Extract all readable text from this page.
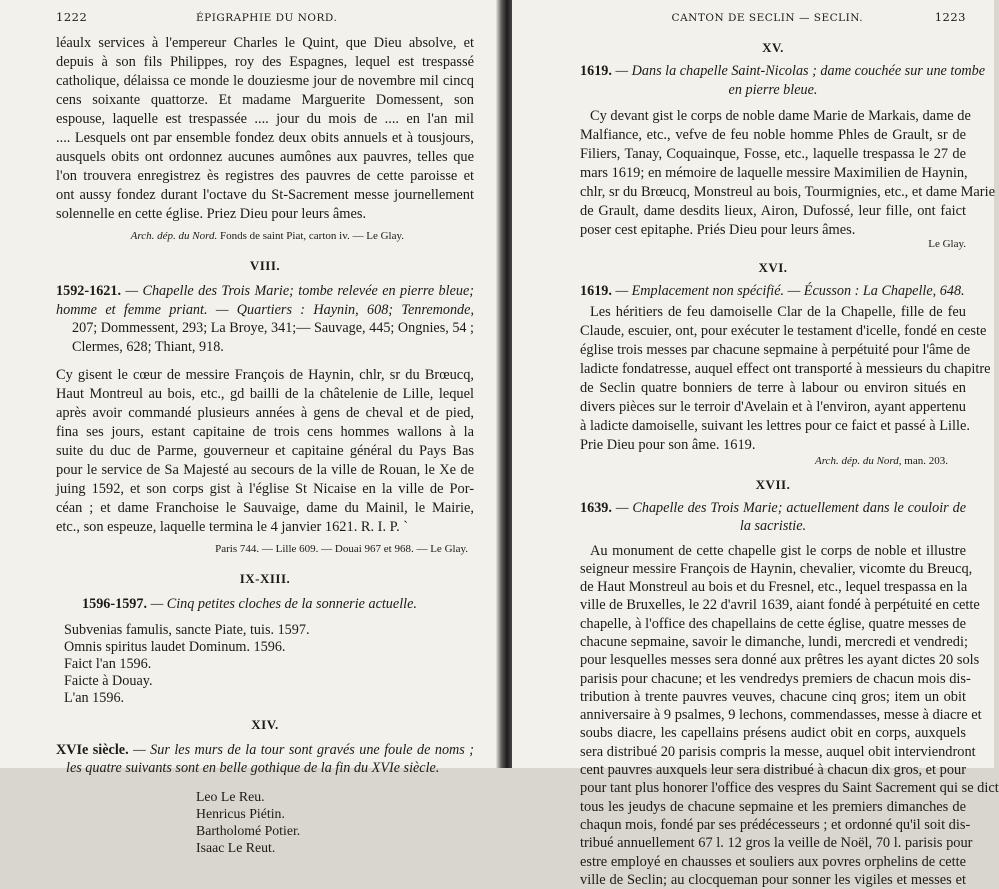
1222	ÉPIGRAPHIE DU NORD.
léaulx services à l'empereur Charles le Quint, que Dieu absolve, et
depuis à son fils Philippes, roy des Espagnes, lequel est trespassé
catholique, délaissa ce monde le douziesme jour de novembre mil cincq
cens soixante quattorze. Et madame Marguerite Domessent, son
espouse, laquelle est trespassée .... jour du mois de .... en l'an mil
.... Lesquels ont par ensemble fondez deux obits annuels et à tousjours,
ausquels obits ont ordonnez aucunes aumônes aux pauvres, telles que
l'on trouvera enregistrez ès registres des pauvres de cette paroisse et
ont aussy fondez durant l'octave du St-Sacrement messe journellement
solennelle en cette église. Priez Dieu pour leurs âmes.
Arch. dép. du Nord. Fonds de saint Piat, carton iv. — Le Glay.
VIII.
1592-1621. — Chapelle des Trois Marie; tombe relevée en pierre bleue;
homme et femme priant. — Quartiers : Haynin, 608; Tenremonde,
207; Dommessent, 293; La Broye, 341;— Sauvage, 445; Ongnies, 54 ;
Clermes, 628; Thiant, 918.
Cy gisent le cœur de messire François de Haynin, chlr, sr du Brœucq,
Haut Montreul au bois, etc., gd bailli de la châtelenie de Lille, lequel
après avoir commandé plusieurs années à gens de cheval et de pied,
fina ses jours, estant capitaine de trois cens hommes wallons à la
suite du duc de Parme, gouverneur et capitaine général du Pays Bas
pour le service de Sa Majesté au secours de la ville de Rouan, le Xe de
juing 1592, et son corps gist à l'église St Nicaise en la ville de Por-
céan ; et dame Franchoise le Sauvaige, dame du Mainil, le Mairie,
etc., son espeuze, laquelle termina le 4 janvier 1621. R. I. P. `
Paris 744. — Lille 609. — Douai 967 et 968. — Le Glay.
IX-XIII.
1596-1597. — Cinq petites cloches de la sonnerie actuelle.
Subvenias famulis, sancte Piate, tuis. 1597.
Omnis spiritus laudet Dominum. 1596.
Faict l'an 1596.
Faicte à Douay.
L'an 1596.
XIV.
XVIe siècle. — Sur les murs de la tour sont gravés une foule de noms ;
les quatre suivants sont en belle gothique de la fin du XVIe siècle.
Leo Le Reu.
Henricus Piétin.
Bartholomé Potier.
Isaac Le Reut.
CANTON DE SECLIN — SECLIN.	1223
XV.
1619. — Dans la chapelle Saint-Nicolas ; dame couchée sur une tombe
en pierre bleue.
Cy devant gist le corps de noble dame Marie de Markais, dame de
Malfiance, etc., vefve de feu noble homme Phles de Grault, sr de
Filiers, Tanay, Coquainque, Fosse, etc., laquelle trespassa le 27 de
mars 1619; en mémoire de laquelle messire Maximilien de Haynin,
chlr, sr du Brœucq, Monstreul au bois, Tourmignies, etc., et dame Marie
de Grault, dame desdits lieux, Airon, Dufossé, leur fille, ont faict
poser cest epitaphe. Priés Dieu pour leurs âmes.
Le Glay.
XVI.
1619. — Emplacement non spécifié. — Écusson : La Chapelle, 648.
Les héritiers de feu damoiselle Clar de la Chapelle, fille de feu
Claude, escuier, ont, pour exécuter le testament d'icelle, fondé en ceste
église trois messes par chacune sepmaine à perpétuité pour l'âme de
ladicte fondatresse, auquel effect ont transporté à messieurs du chapitre
de Seclin quatre bonniers de terre à labour ou environ situés en
divers pièces sur le terroir d'Avelain et à l'environ, ayant appertenu
à ladicte damoiselle, suivant les lettres pour ce faict et passé à Lille.
Prie Dieu pour son âme. 1619.
Arch. dép. du Nord, man. 203.
XVII.
1639. — Chapelle des Trois Marie; actuellement dans le couloir de
la sacristie.
Au monument de cette chapelle gist le corps de noble et illustre
seigneur messire François de Haynin, chevalier, vicomte du Breucq,
de Haut Monstreul au bois et du Fresnel, etc., lequel trespassa en la
ville de Bruxelles, le 22 d'avril 1639, aiant fondé à perpétuité en cette
chapelle, à l'office des chapellains de cette église, quatre messes de
chacune sepmaine, savoir le dimanche, lundi, mercredi et vendredi;
pour lesquelles messes sera donné aux prêtres les ayant dictes 20 sols
parisis pour chacune; et les vendredys premiers de chacun mois dis-
tribution à trente pauvres veuves, chacune cinq gros; item un obit
anniversaire à 9 psalmes, 9 lechons, commendasses, messe à diacre et
soubs diacre, les capellains présens audict obit en corps, auxquels
sera distribué 20 parisis compris la messe, auquel obit interviendront
cent pauvres auxquels leur sera distribué à chacun dix gros, et pour
pour tant plus honorer l'office des vespres du Saint Sacrement qui se dict
tous les jeudys de chacune sepmaine et les premiers dimanches de
chaqun mois, fondé par ses prédécesseurs ; et ordonné qu'il soit dis-
tribué annuellement 67 l. 12 gros la veille de Noël, 70 l. parisis pour
estre employé en chausses et souliers aux povres orphelins de cette
ville de Seclin; au clocqueman pour sonner les vigiles et messes et
